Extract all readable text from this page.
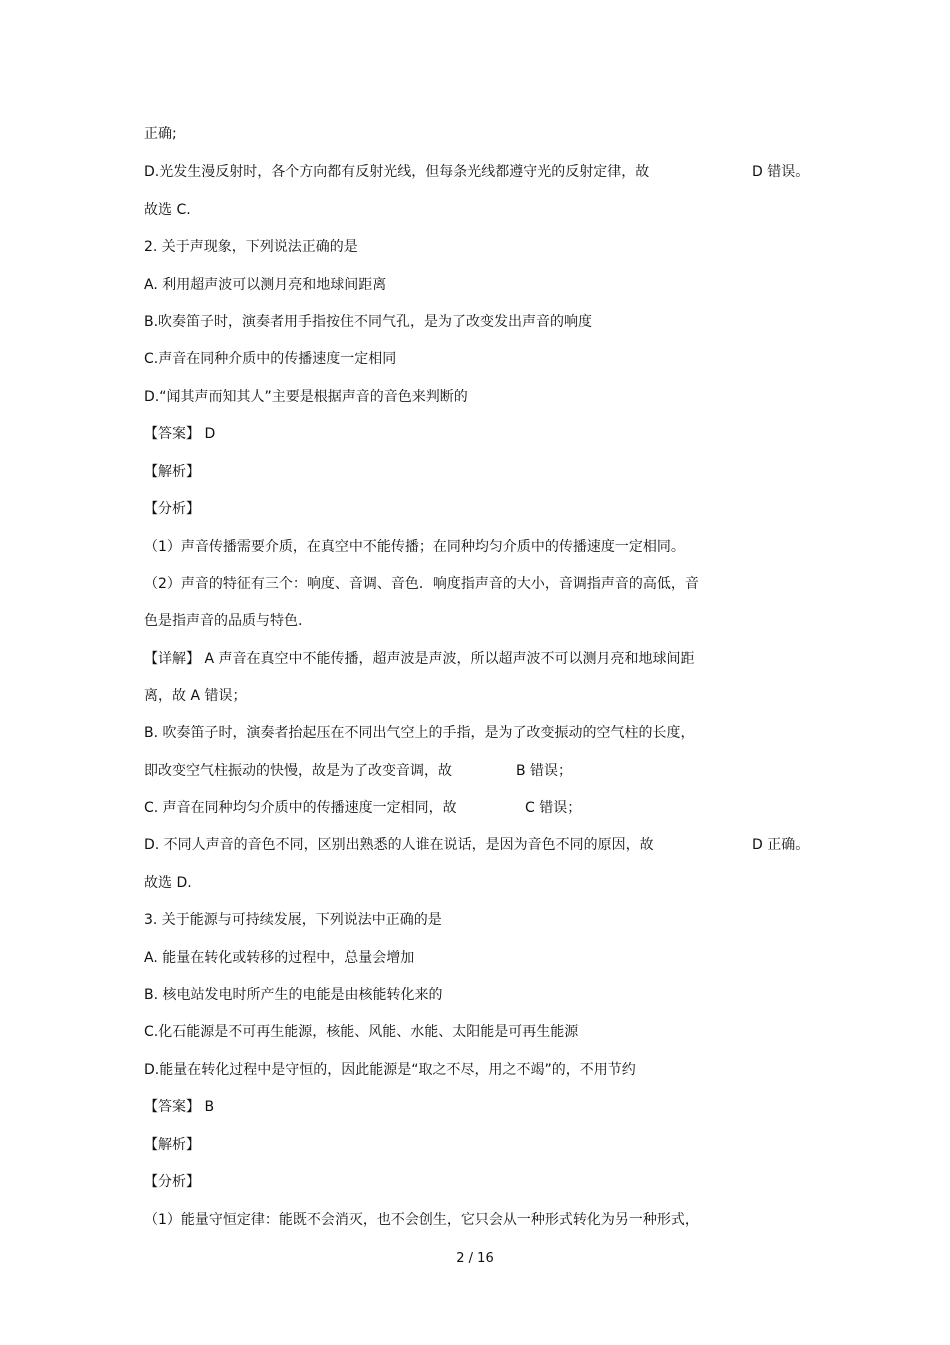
正确;
D.光发生漫反射时，各个方向都有反射光线，但每条光线都遵守光的反射定律，故	D 错误。
故选 C.
2. 关于声现象，下列说法正确的是
A. 利用超声波可以测月亮和地球间距离
B.吹奏笛子时，演奏者用手指按住不同气孔，是为了改变发出声音的响度
C.声音在同种介质中的传播速度一定相同
D.“闻其声而知其人”主要是根据声音的音色来判断的
【答案】 D
【解析】
【分析】
（1）声音传播需要介质，在真空中不能传播；在同种均匀介质中的传播速度一定相同。
（2）声音的特征有三个：响度、音调、音色．响度指声音的大小，音调指声音的高低，音
色是指声音的品质与特色.
【详解】 A 声音在真空中不能传播，超声波是声波，所以超声波不可以测月亮和地球间距
离，故 A 错误；
B. 吹奏笛子时，演奏者抬起压在不同出气空上的手指，是为了改变振动的空气柱的长度，
即改变空气柱振动的快慢，故是为了改变音调，故	B 错误；
C. 声音在同种均匀介质中的传播速度一定相同，故	C 错误；
D. 不同人声音的音色不同，区别出熟悉的人谁在说话，是因为音色不同的原因，故	D 正确。
故选 D.
3. 关于能源与可持续发展，下列说法中正确的是
A. 能量在转化或转移的过程中，总量会增加
B. 核电站发电时所产生的电能是由核能转化来的
C.化石能源是不可再生能源，核能、风能、水能、太阳能是可再生能源
D.能量在转化过程中是守恒的，因此能源是“取之不尽，用之不竭”的，不用节约
【答案】 B
【解析】
【分析】
（1）能量守恒定律：能既不会消灭，也不会创生，它只会从一种形式转化为另一种形式，
2 / 16
